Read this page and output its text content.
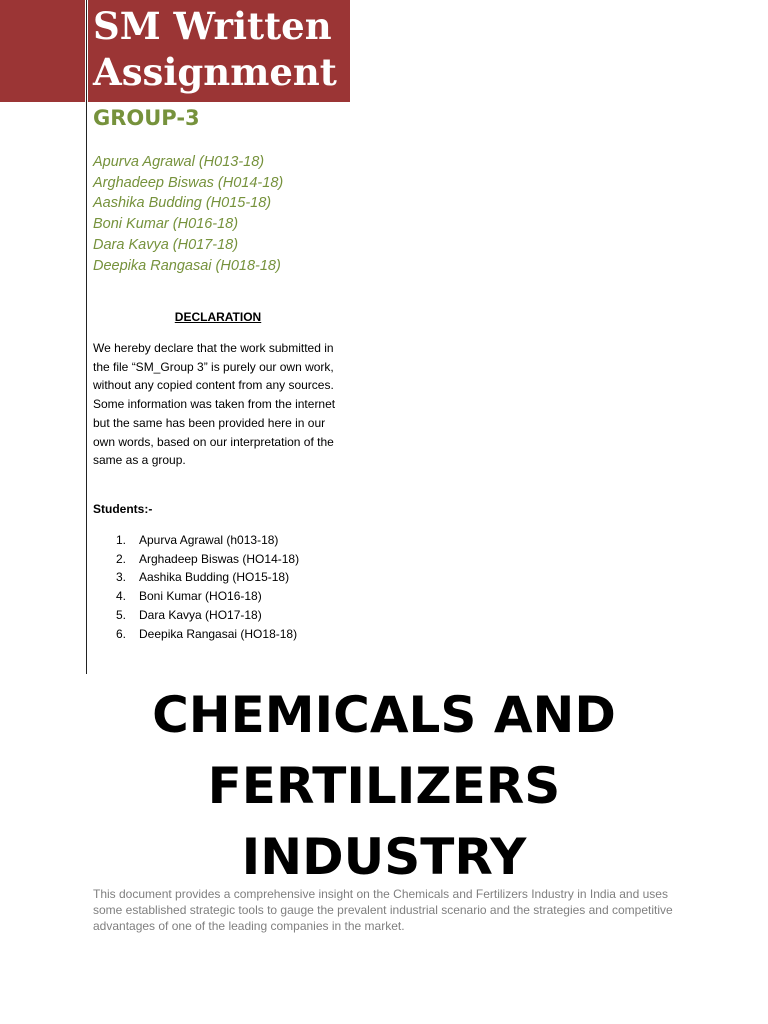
SM Written
Assignment
GROUP-3
Apurva Agrawal (H013-18)
Arghadeep Biswas (H014-18)
Aashika Budding (H015-18)
Boni Kumar (H016-18)
Dara Kavya (H017-18)
Deepika Rangasai (H018-18)

DECLARATION

We hereby declare that the work submitted in the file “SM_Group 3” is purely our own work, without any copied content from any sources. Some information was taken from the internet but the same has been provided here in our own words, based on our interpretation of the same as a group.

Students:-

1. Apurva Agrawal (h013-18)
2. Arghadeep Biswas (HO14-18)
3. Aashika Budding (HO15-18)
4. Boni Kumar (HO16-18)
5. Dara Kavya (HO17-18)
6. Deepika Rangasai (HO18-18)
CHEMICALS AND
FERTILIZERS
INDUSTRY

This document provides a comprehensive insight on the Chemicals and Fertilizers Industry in India and uses some established strategic tools to gauge the prevalent industrial scenario and the strategies and competitive advantages of one of the leading companies in the market.
